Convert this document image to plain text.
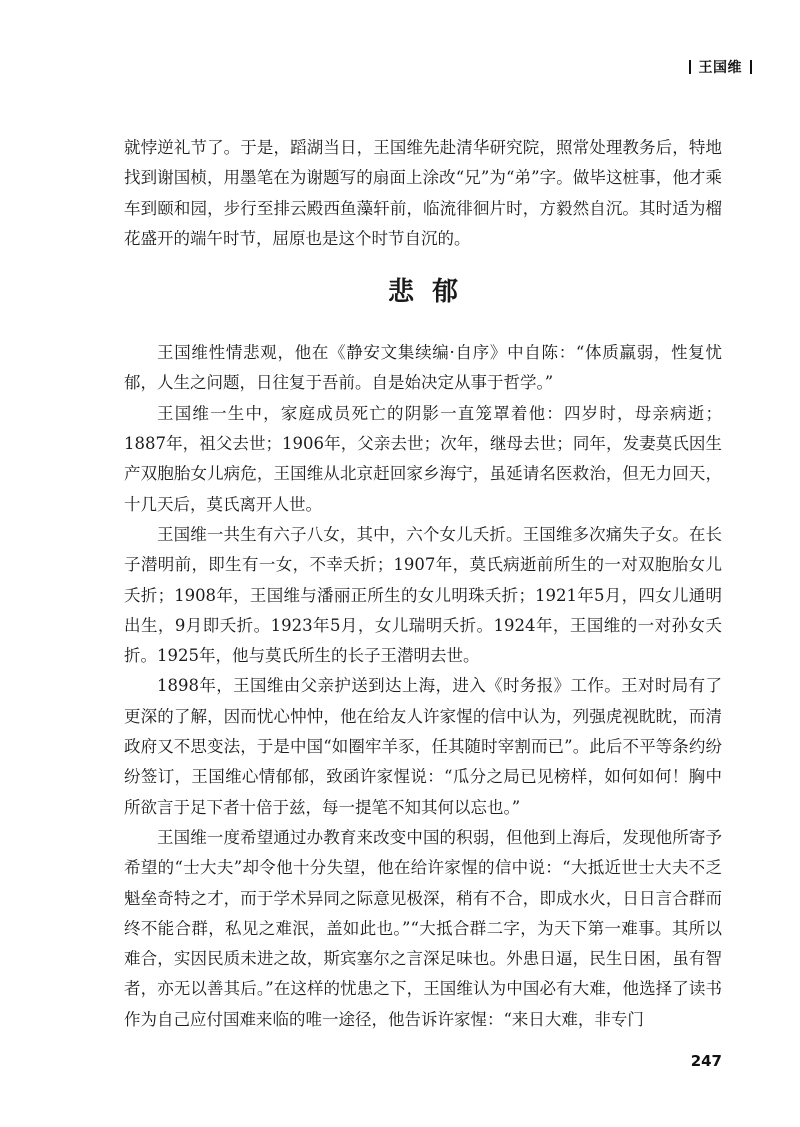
王国维

就悖逆礼节了。于是，蹈湖当日，王国维先赴清华研究院，照常处理教务后，特地找到谢国桢，用墨笔在为谢题写的扇面上涂改“兄”为“弟”字。做毕这桩事，他才乘车到颐和园，步行至排云殿西鱼藻轩前，临流徘徊片时，方毅然自沉。其时适为榴花盛开的端午时节，屈原也是这个时节自沉的。

悲郁

王国维性情悲观，他在《静安文集续编·自序》中自陈：“体质羸弱，性复忧郁，人生之问题，日往复于吾前。自是始决定从事于哲学。”

王国维一生中，家庭成员死亡的阴影一直笼罩着他：四岁时，母亲病逝；1887年，祖父去世；1906年，父亲去世；次年，继母去世；同年，发妻莫氏因生产双胞胎女儿病危，王国维从北京赶回家乡海宁，虽延请名医救治，但无力回天，十几天后，莫氏离开人世。

王国维一共生有六子八女，其中，六个女儿夭折。王国维多次痛失子女。在长子潜明前，即生有一女，不幸夭折；1907年，莫氏病逝前所生的一对双胞胎女儿夭折；1908年，王国维与潘丽正所生的女儿明珠夭折；1921年5月，四女儿通明出生，9月即夭折。1923年5月，女儿瑞明夭折。1924年，王国维的一对孙女夭折。1925年，他与莫氏所生的长子王潜明去世。

1898年，王国维由父亲护送到达上海，进入《时务报》工作。王对时局有了更深的了解，因而忧心忡忡，他在给友人许家惺的信中认为，列强虎视眈眈，而清政府又不思变法，于是中国“如圈牢羊豕，任其随时宰割而已”。此后不平等条约纷纷签订，王国维心情郁郁，致函许家惺说：“瓜分之局已见榜样，如何如何！胸中所欲言于足下者十倍于兹，每一提笔不知其何以忘也。”

王国维一度希望通过办教育来改变中国的积弱，但他到上海后，发现他所寄予希望的“士大夫”却令他十分失望，他在给许家惺的信中说：“大抵近世士大夫不乏魁垒奇特之才，而于学术异同之际意见极深，稍有不合，即成水火，日日言合群而终不能合群，私见之难泯，盖如此也。”“大抵合群二字，为天下第一难事。其所以难合，实因民质未进之故，斯宾塞尔之言深足味也。外患日逼，民生日困，虽有智者，亦无以善其后。”在这样的忧患之下，王国维认为中国必有大难，他选择了读书作为自己应付国难来临的唯一途径，他告诉许家惺：“来日大难，非专门

247
